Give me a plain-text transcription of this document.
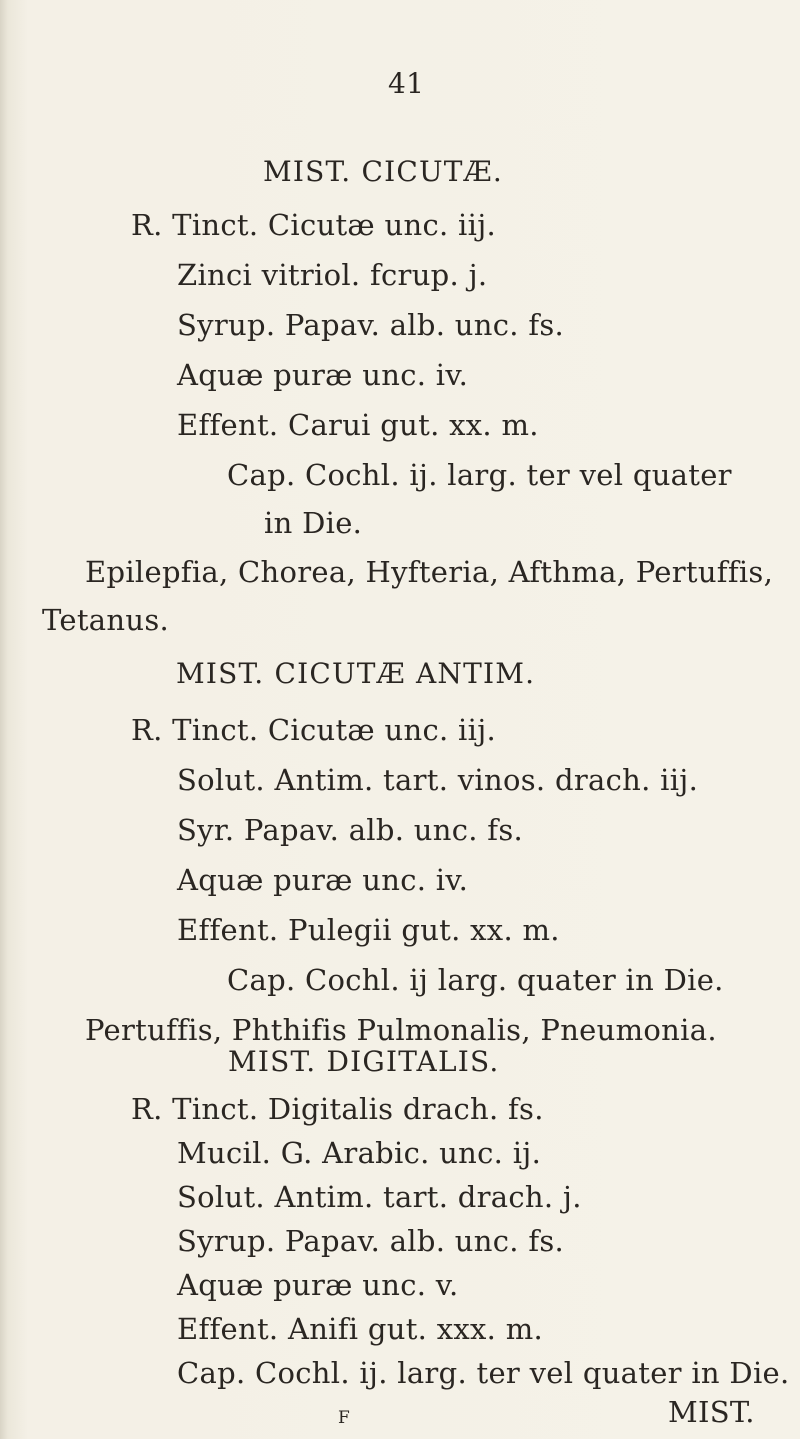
41
MIST. CICUTÆ.
R. Tinct. Cicutæ unc. iij.
Zinci vitriol. fcrup. j.
Syrup. Papav. alb. unc. fs.
Aquæ puræ unc. iv.
Effent. Carui gut. xx. m.
Cap. Cochl. ij. larg. ter vel quater
in Die.
Epilepfia, Chorea, Hyfteria, Afthma, Pertuffis,
Tetanus.
MIST. CICUTÆ ANTIM.
R. Tinct. Cicutæ unc. iij.
Solut. Antim. tart. vinos. drach. iij.
Syr. Papav. alb. unc. fs.
Aquæ puræ unc. iv.
Effent. Pulegii gut. xx. m.
Cap. Cochl. ij larg. quater in Die.
Pertuffis, Phthifis Pulmonalis, Pneumonia.
MIST. DIGITALIS.
R. Tinct. Digitalis drach. fs.
Mucil. G. Arabic. unc. ij.
Solut. Antim. tart. drach. j.
Syrup. Papav. alb. unc. fs.
Aquæ puræ unc. v.
Effent. Anifi gut. xxx. m.
Cap. Cochl. ij. larg. ter vel quater in Die.
F	MIST.
